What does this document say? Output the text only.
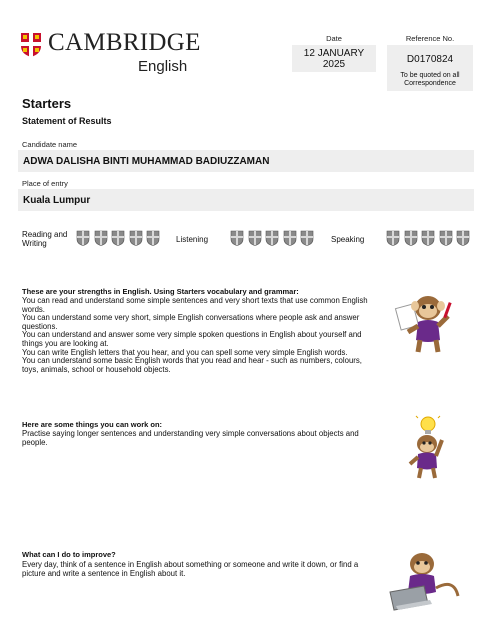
CAMBRIDGE
English
Date
12 JANUARY
2025
Reference No.
D0170824
To be quoted on all
Correspondence
Starters
Statement of Results
Candidate name
ADWA DALISHA BINTI MUHAMMAD BADIUZZAMAN
Place of entry
Kuala Lumpur
Reading and
Writing	Listening	Speaking
These are your strengths in English. Using Starters vocabulary and grammar:

You can read and understand some simple sentences and very short texts that use common English words.

You can understand some very short, simple English conversations where people ask and answer questions.

You can understand and answer some very simple spoken questions in English about yourself and things you are looking at.

You can write English letters that you hear, and you can spell some very simple English words.

You can understand some basic English words that you read and hear - such as numbers, colours, toys, animals, school or household objects.

Here are some things you can work on:
Practise saying longer sentences and understanding very simple conversations about objects and people.
What can I do to improve?
Every day, think of a sentence in English about something or someone and write it down, or find a picture and write a sentence in English about it.
